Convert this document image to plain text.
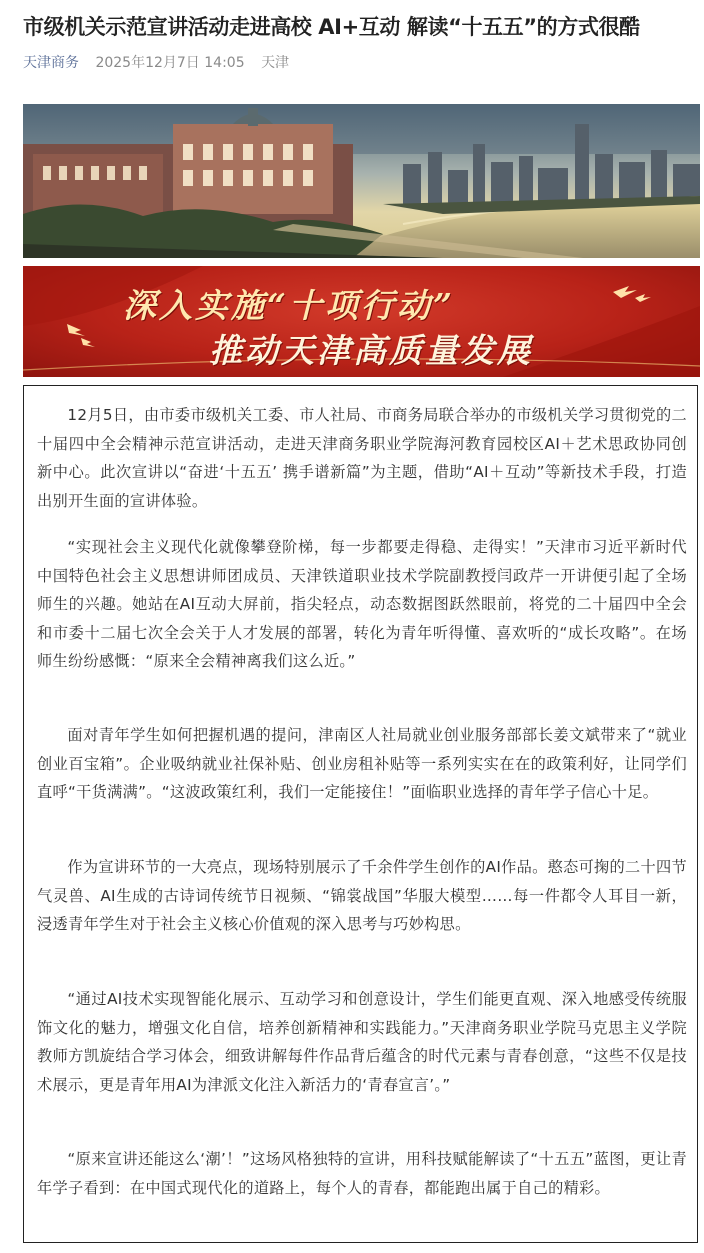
市级机关示范宣讲活动走进高校 AI+互动 解读“十五五”的方式很酷
天津商务 2025年12月7日 14:05 天津
深入实施“十项行动”
推动天津高质量发展

12月5日，由市委市级机关工委、市人社局、市商务局联合举办的市级机关学习贯彻党的二十届四中全会精神示范宣讲活动，走进天津商务职业学院海河教育园校区AI＋艺术思政协同创新中心。此次宣讲以“奋进‘十五五’ 携手谱新篇”为主题，借助“AI＋互动”等新技术手段，打造出别开生面的宣讲体验。

“实现社会主义现代化就像攀登阶梯，每一步都要走得稳、走得实！”天津市习近平新时代中国特色社会主义思想讲师团成员、天津铁道职业技术学院副教授闫政芹一开讲便引起了全场师生的兴趣。她站在AI互动大屏前，指尖轻点，动态数据图跃然眼前，将党的二十届四中全会和市委十二届七次全会关于人才发展的部署，转化为青年听得懂、喜欢听的“成长攻略”。在场师生纷纷感慨：“原来全会精神离我们这么近。”

面对青年学生如何把握机遇的提问，津南区人社局就业创业服务部部长姜文斌带来了“就业创业百宝箱”。企业吸纳就业社保补贴、创业房租补贴等一系列实实在在的政策利好，让同学们直呼“干货满满”。“这波政策红利，我们一定能接住！”面临职业选择的青年学子信心十足。

作为宣讲环节的一大亮点，现场特别展示了千余件学生创作的AI作品。憨态可掬的二十四节气灵兽、AI生成的古诗词传统节日视频、“锦裳战国”华服大模型……每一件都令人耳目一新，浸透青年学生对于社会主义核心价值观的深入思考与巧妙构思。

“通过AI技术实现智能化展示、互动学习和创意设计，学生们能更直观、深入地感受传统服饰文化的魅力，增强文化自信，培养创新精神和实践能力。”天津商务职业学院马克思主义学院教师方凯旋结合学习体会，细致讲解每件作品背后蕴含的时代元素与青春创意，“这些不仅是技术展示，更是青年用AI为津派文化注入新活力的‘青春宣言’。”

“原来宣讲还能这么‘潮’！”这场风格独特的宣讲，用科技赋能解读了“十五五”蓝图，更让青年学子看到：在中国式现代化的道路上，每个人的青春，都能跑出属于自己的精彩。
